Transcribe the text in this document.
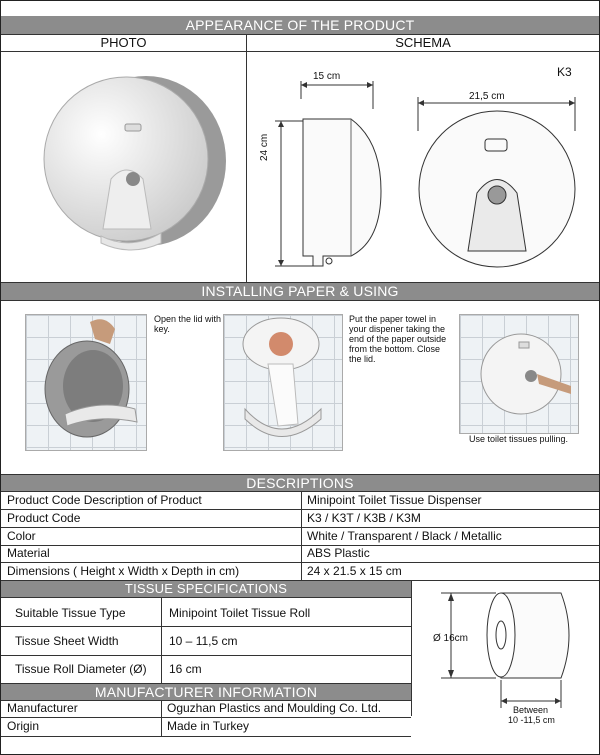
APPEARANCE OF THE PRODUCT
PHOTO	SCHEMA
K3
15 cm
24 cm
21,5 cm
INSTALLING PAPER & USING
Open the lid with key.
Put the paper towel in your dispener taking the end of the paper outside from the bottom. Close the lid.
Use toilet tissues pulling.
DESCRIPTIONS
Product Code Description of Product	Minipoint Toilet Tissue Dispenser
Product Code	K3 / K3T / K3B / K3M
Color	White / Transparent / Black / Metallic
Material	ABS Plastic
Dimensions ( Height x Width x Depth in cm)	24 x 21.5 x 15 cm
TISSUE SPECIFICATIONS
Suitable Tissue Type	Minipoint Toilet Tissue Roll
Tissue Sheet Width	10 – 11,5 cm
Tissue Roll Diameter (Ø) 16 cm
Ø 16cm
Between
10 -11,5 cm
MANUFACTURER INFORMATION
Manufacturer	Oguzhan Plastics and Moulding Co. Ltd.
Origin	Made in Turkey
